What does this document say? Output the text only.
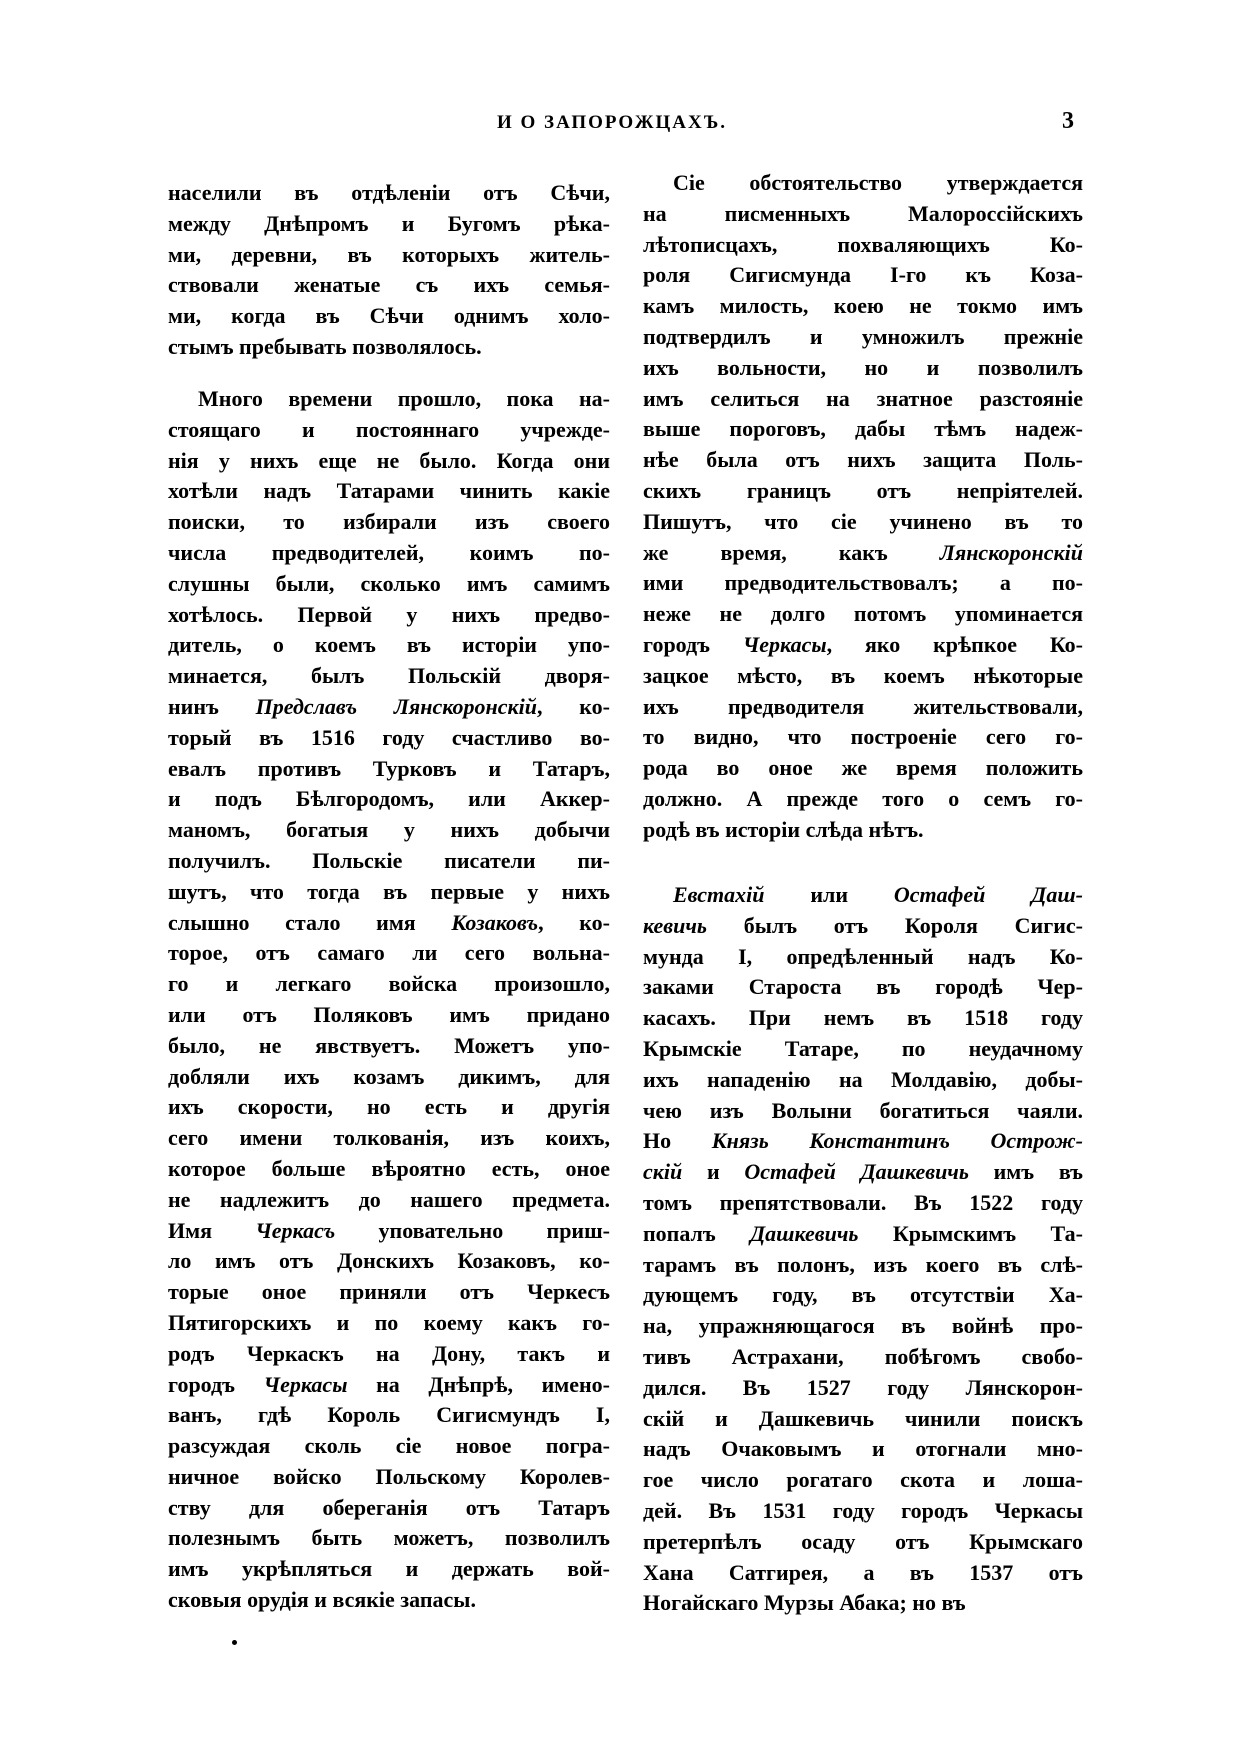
И О ЗАПОРОЖЦАХЪ.	3
населили въ отдѣленіи отъ Сѣчи,
между Днѣпромъ и Бугомъ рѣка-
ми, деревни, въ которыхъ житель-
ствовали женатые съ ихъ семья-
ми, когда въ Сѣчи однимъ холо-
стымъ пребывать позволялось.
Много времени прошло, пока на-
стоящаго и постояннаго учрежде-
нія у нихъ еще не было. Когда они
хотѣли надъ Татарами чинить какіе
поиски, то избирали изъ своего
числа предводителей, коимъ по-
слушны были, сколько имъ самимъ
хотѣлось. Первой у нихъ предво-
дитель, о коемъ въ исторіи упо-
минается, былъ Польскій дворя-
нинъ Предславъ Лянскоронскій, ко-
торый въ 1516 году счастливо во-
евалъ противъ Турковъ и Татаръ,
и подъ Бѣлгородомъ, или Аккер-
маномъ, богатыя у нихъ добычи
получилъ. Польскіе писатели пи-
шутъ, что тогда въ первые у нихъ
слышно стало имя Козаковъ, ко-
торое, отъ самаго ли сего вольна-
го и легкаго войска произошло,
или отъ Поляковъ имъ придано
было, не явствуетъ. Можетъ упо-
добляли ихъ козамъ дикимъ, для
ихъ скорости, но есть и другія
сего имени толкованія, изъ коихъ,
которое больше вѣроятно есть, оное
не надлежитъ до нашего предмета.
Имя Черкасъ уповательно приш-
ло имъ отъ Донскихъ Козаковъ, ко-
торые оное приняли отъ Черкесъ
Пятигорскихъ и по коему какъ го-
родъ Черкаскъ на Дону, такъ и
городъ Черкасы на Днѣпрѣ, имено-
ванъ, гдѣ Король Сигисмундъ I,
разсуждая сколь сіе новое погра-
ничное войско Польскому Королев-
ству для обереганія отъ Татаръ
полезнымъ быть можетъ, позволилъ
имъ укрѣпляться и держать вой-
сковыя орудія и всякіе запасы.
Сіе обстоятельство утверждается
на писменныхъ Малороссійскихъ
лѣтописцахъ, похваляющихъ Ко-
роля Сигисмунда I-го къ Коза-
камъ милость, коею не токмо имъ
подтвердилъ и умножилъ прежніе
ихъ вольности, но и позволилъ
имъ селиться на знатное разстояніе
выше пороговъ, дабы тѣмъ надеж-
нѣе была отъ нихъ защита Поль-
скихъ границъ отъ непріятелей.
Пишутъ, что сіе учинено въ то
же время, какъ Лянскоронскій
ими предводительствовалъ; а по-
неже не долго потомъ упоминается
городъ Черкасы, яко крѣпкое Ко-
зацкое мѣсто, въ коемъ нѣкоторые
ихъ предводителя жительствовали,
то видно, что построеніе сего го-
рода во оное же время положить
должно. А прежде того о семъ го-
родѣ въ исторіи слѣда нѣтъ.
Евстахій или Остафей Даш-
кевичь былъ отъ Короля Сигис-
мунда I, опредѣленный надъ Ко-
заками Староста въ городѣ Чер-
касахъ. При немъ въ 1518 году
Крымскіе Татаре, по неудачному
ихъ нападенію на Молдавію, добы-
чею изъ Волыни богатиться чаяли.
Но Князь Константинъ Острож-
скій и Остафей Дашкевичь имъ въ
томъ препятствовали. Въ 1522 году
попалъ Дашкевичь Крымскимъ Та-
тарамъ въ полонъ, изъ коего въ слѣ-
дующемъ году, въ отсутствіи Ха-
на, упражняющагося въ войнѣ про-
тивъ Астрахани, побѣгомъ свобо-
дился. Въ 1527 году Лянскорон-
скій и Дашкевичь чинили поискъ
надъ Очаковымъ и отогнали мно-
гое число рогатаго скота и лоша-
дей. Въ 1531 году городъ Черкасы
претерпѣлъ осаду отъ Крымскаго
Хана Сатгирея, а въ 1537 отъ
Ногайскаго Мурзы Абака; но въ
